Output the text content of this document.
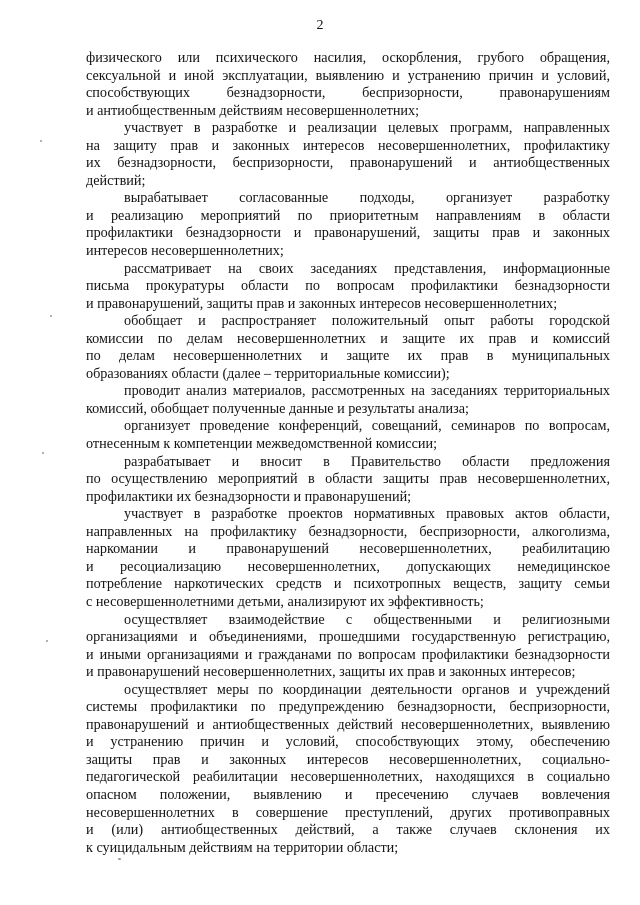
2
физического или психического насилия, оскорбления, грубого обращения,
сексуальной и иной эксплуатации, выявлению и устранению причин и условий,
способствующих безнадзорности, беспризорности, правонарушениям
и антиобщественным действиям несовершеннолетних;
участвует в разработке и реализации целевых программ, направленных
на защиту прав и законных интересов несовершеннолетних, профилактику
их безнадзорности, беспризорности, правонарушений и антиобщественных
действий;
вырабатывает согласованные подходы, организует разработку
и реализацию мероприятий по приоритетным направлениям в области
профилактики безнадзорности и правонарушений, защиты прав и законных
интересов несовершеннолетних;
рассматривает на своих заседаниях представления, информационные
письма прокуратуры области по вопросам профилактики безнадзорности
и правонарушений, защиты прав и законных интересов несовершеннолетних;
обобщает и распространяет положительный опыт работы городской
комиссии по делам несовершеннолетних и защите их прав и комиссий
по делам несовершеннолетних и защите их прав в муниципальных
образованиях области (далее – территориальные комиссии);
проводит анализ материалов, рассмотренных на заседаниях территориальных
комиссий, обобщает полученные данные и результаты анализа;
организует проведение конференций, совещаний, семинаров по вопросам,
отнесенным к компетенции межведомственной комиссии;
разрабатывает и вносит в Правительство области предложения
по осуществлению мероприятий в области защиты прав несовершеннолетних,
профилактики их безнадзорности и правонарушений;
участвует в разработке проектов нормативных правовых актов области,
направленных на профилактику безнадзорности, беспризорности, алкоголизма,
наркомании и правонарушений несовершеннолетних, реабилитацию
и ресоциализацию несовершеннолетних, допускающих немедицинское
потребление наркотических средств и психотропных веществ, защиту семьи
с несовершеннолетними детьми, анализируют их эффективность;
осуществляет взаимодействие с общественными и религиозными
организациями и объединениями, прошедшими государственную регистрацию,
и иными организациями и гражданами по вопросам профилактики безнадзорности
и правонарушений несовершеннолетних, защиты их прав и законных интересов;
осуществляет меры по координации деятельности органов и учреждений
системы профилактики по предупреждению безнадзорности, беспризорности,
правонарушений и антиобщественных действий несовершеннолетних, выявлению
и устранению причин и условий, способствующих этому, обеспечению
защиты прав и законных интересов несовершеннолетних, социально-
педагогической реабилитации несовершеннолетних, находящихся в социально
опасном положении, выявлению и пресечению случаев вовлечения
несовершеннолетних в совершение преступлений, других противоправных
и (или) антиобщественных действий, а также случаев склонения их
к суицидальным действиям на территории области;
